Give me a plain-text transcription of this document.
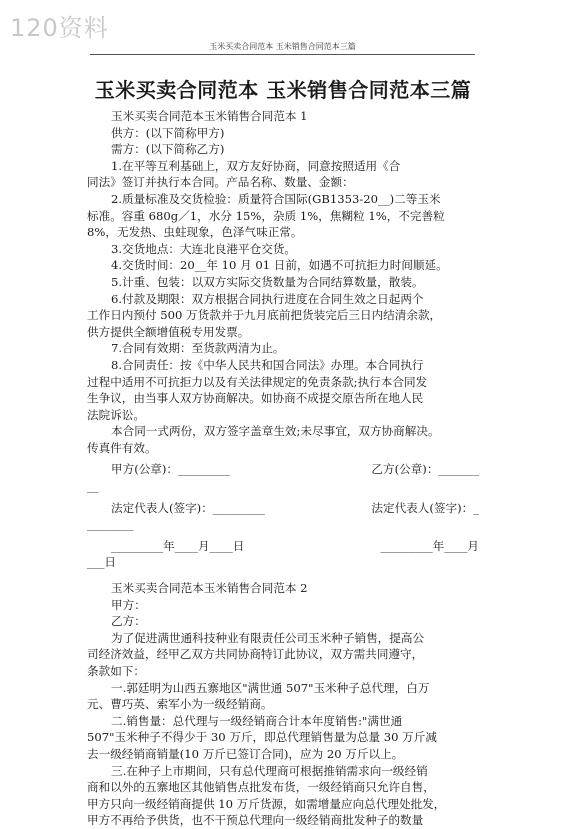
120资料
玉米买卖合同范本 玉米销售合同范本三篇
玉米买卖合同范本 玉米销售合同范本三篇
玉米买卖合同范本玉米销售合同范本 1
供方：(以下简称甲方)
需方：(以下简称乙方)
1.在平等互利基础上，双方友好协商，同意按照适用《合
同法》签订并执行本合同。产品名称、数量、金额：
2.质量标准及交货检验：质量符合国际(GB1353-20__)二等玉米
标准。容重 680g／1，水分 15%，杂质 1%，焦糊粒 1%，不完善粒
8%，无发热、虫蛀现象，色泽气味正常。
3.交货地点：大连北良港平仓交货。
4.交货时间：20__年 10 月 01 日前，如遇不可抗拒力时间顺延。
5.计重、包装：以双方实际交货数量为合同结算数量，散装。
6.付款及期限：双方根据合同执行进度在合同生效之日起两个
工作日内预付 500 万货款并于九月底前把货装完后三日内结清余款，
供方提供全额增值税专用发票。
7.合同有效期：至货款两清为止。
8.合同责任：按《中华人民共和国合同法》办理。本合同执行
过程中适用不可抗拒力以及有关法律规定的免责条款;执行本合同发
生争议，由当事人双方协商解决。如协商不成提交原告所在地人民
法院诉讼。
本合同一式两份，双方签字盖章生效;未尽事宜，双方协商解决。
传真件有效。
甲方(公章)：_________	乙方(公章)：_______
__
法定代表人(签字)：_________	法定代表人(签字)：_
________
_________年____月____日	_________年____月
___日
玉米买卖合同范本玉米销售合同范本 2
甲方：
乙方：
为了促进满世通科技种业有限责任公司玉米种子销售，提高公
司经济效益，经甲乙双方共同协商特订此协议，双方需共同遵守，
条款如下：
一.郭廷明为山西五寨地区"满世通 507"玉米种子总代理，白万
元、曹巧英、索军小为一级经销商。
二.销售量：总代理与一级经销商合计本年度销售:"满世通
507"玉米种子不得少于 30 万斤，即总代理销售量为总量 30 万斤减
去一级经销商销量(10 万斤已签订合同)，应为 20 万斤以上。
三.在种子上市期间，只有总代理商可根据推销需求向一级经销
商和以外的五寨地区其他销售点批发布货，一级经销商只允许自售，
甲方只向一级经销商提供 10 万斤货源，如需增量应向总代理处批发，
甲方不再给予供货，也不干预总代理向一级经销商批发种子的数量
